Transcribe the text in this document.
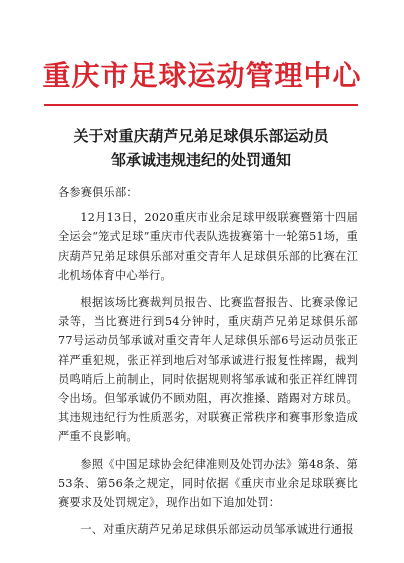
重庆市足球运动管理中心
关于对重庆葫芦兄弟足球俱乐部运动员
邹承诚违规违纪的处罚通知

各参赛俱乐部：

12月13日，2020重庆市业余足球甲级联赛暨第十四届全运会“笼式足球”重庆市代表队选拔赛第十一轮第51场，重庆葫芦兄弟足球俱乐部对重交青年人足球俱乐部的比赛在江北机场体育中心举行。

根据该场比赛裁判员报告、比赛监督报告、比赛录像记录等，当比赛进行到54分钟时，重庆葫芦兄弟足球俱乐部77号运动员邹承诚对重交青年人足球俱乐部6号运动员张正祥严重犯规，张正祥到地后对邹承诚进行报复性摔踢，裁判员鸣哨后上前制止，同时依据规则将邹承诚和张正祥红牌罚令出场。但邹承诚仍不顾劝阻，再次推搡、踏踢对方球员。其违规违纪行为性质恶劣，对联赛正常秩序和赛事形象造成严重不良影响。

参照《中国足球协会纪律准则及处罚办法》第48条、第53条、第56条之规定，同时依据《重庆市业余足球联赛比赛要求及处罚规定》，现作出如下追加处罚：

一、对重庆葫芦兄弟足球俱乐部运动员邹承诚进行通报
